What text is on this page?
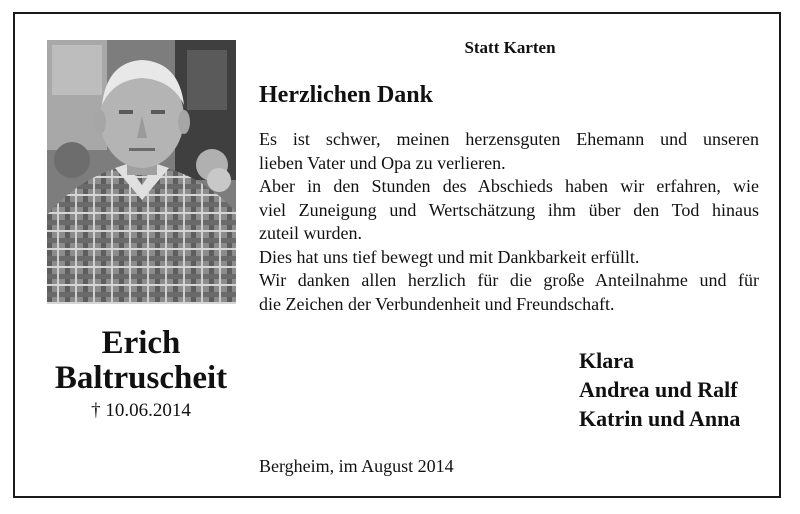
Erich

Baltruscheit

† 10.06.2014

Statt Karten

Herzlichen Dank

Es ist schwer, meinen herzensguten Ehemann und unseren
lieben Vater und Opa zu verlieren.
Aber in den Stunden des Abschieds haben wir erfahren, wie
viel Zuneigung und Wertschätzung ihm über den Tod hinaus
zuteil wurden.
Dies hat uns tief bewegt und mit Dankbarkeit erfüllt.
Wir danken allen herzlich für die große Anteilnahme und für
die Zeichen der Verbundenheit und Freundschaft.
Klara
Andrea und Ralf
Katrin und Anna

Bergheim, im August 2014
